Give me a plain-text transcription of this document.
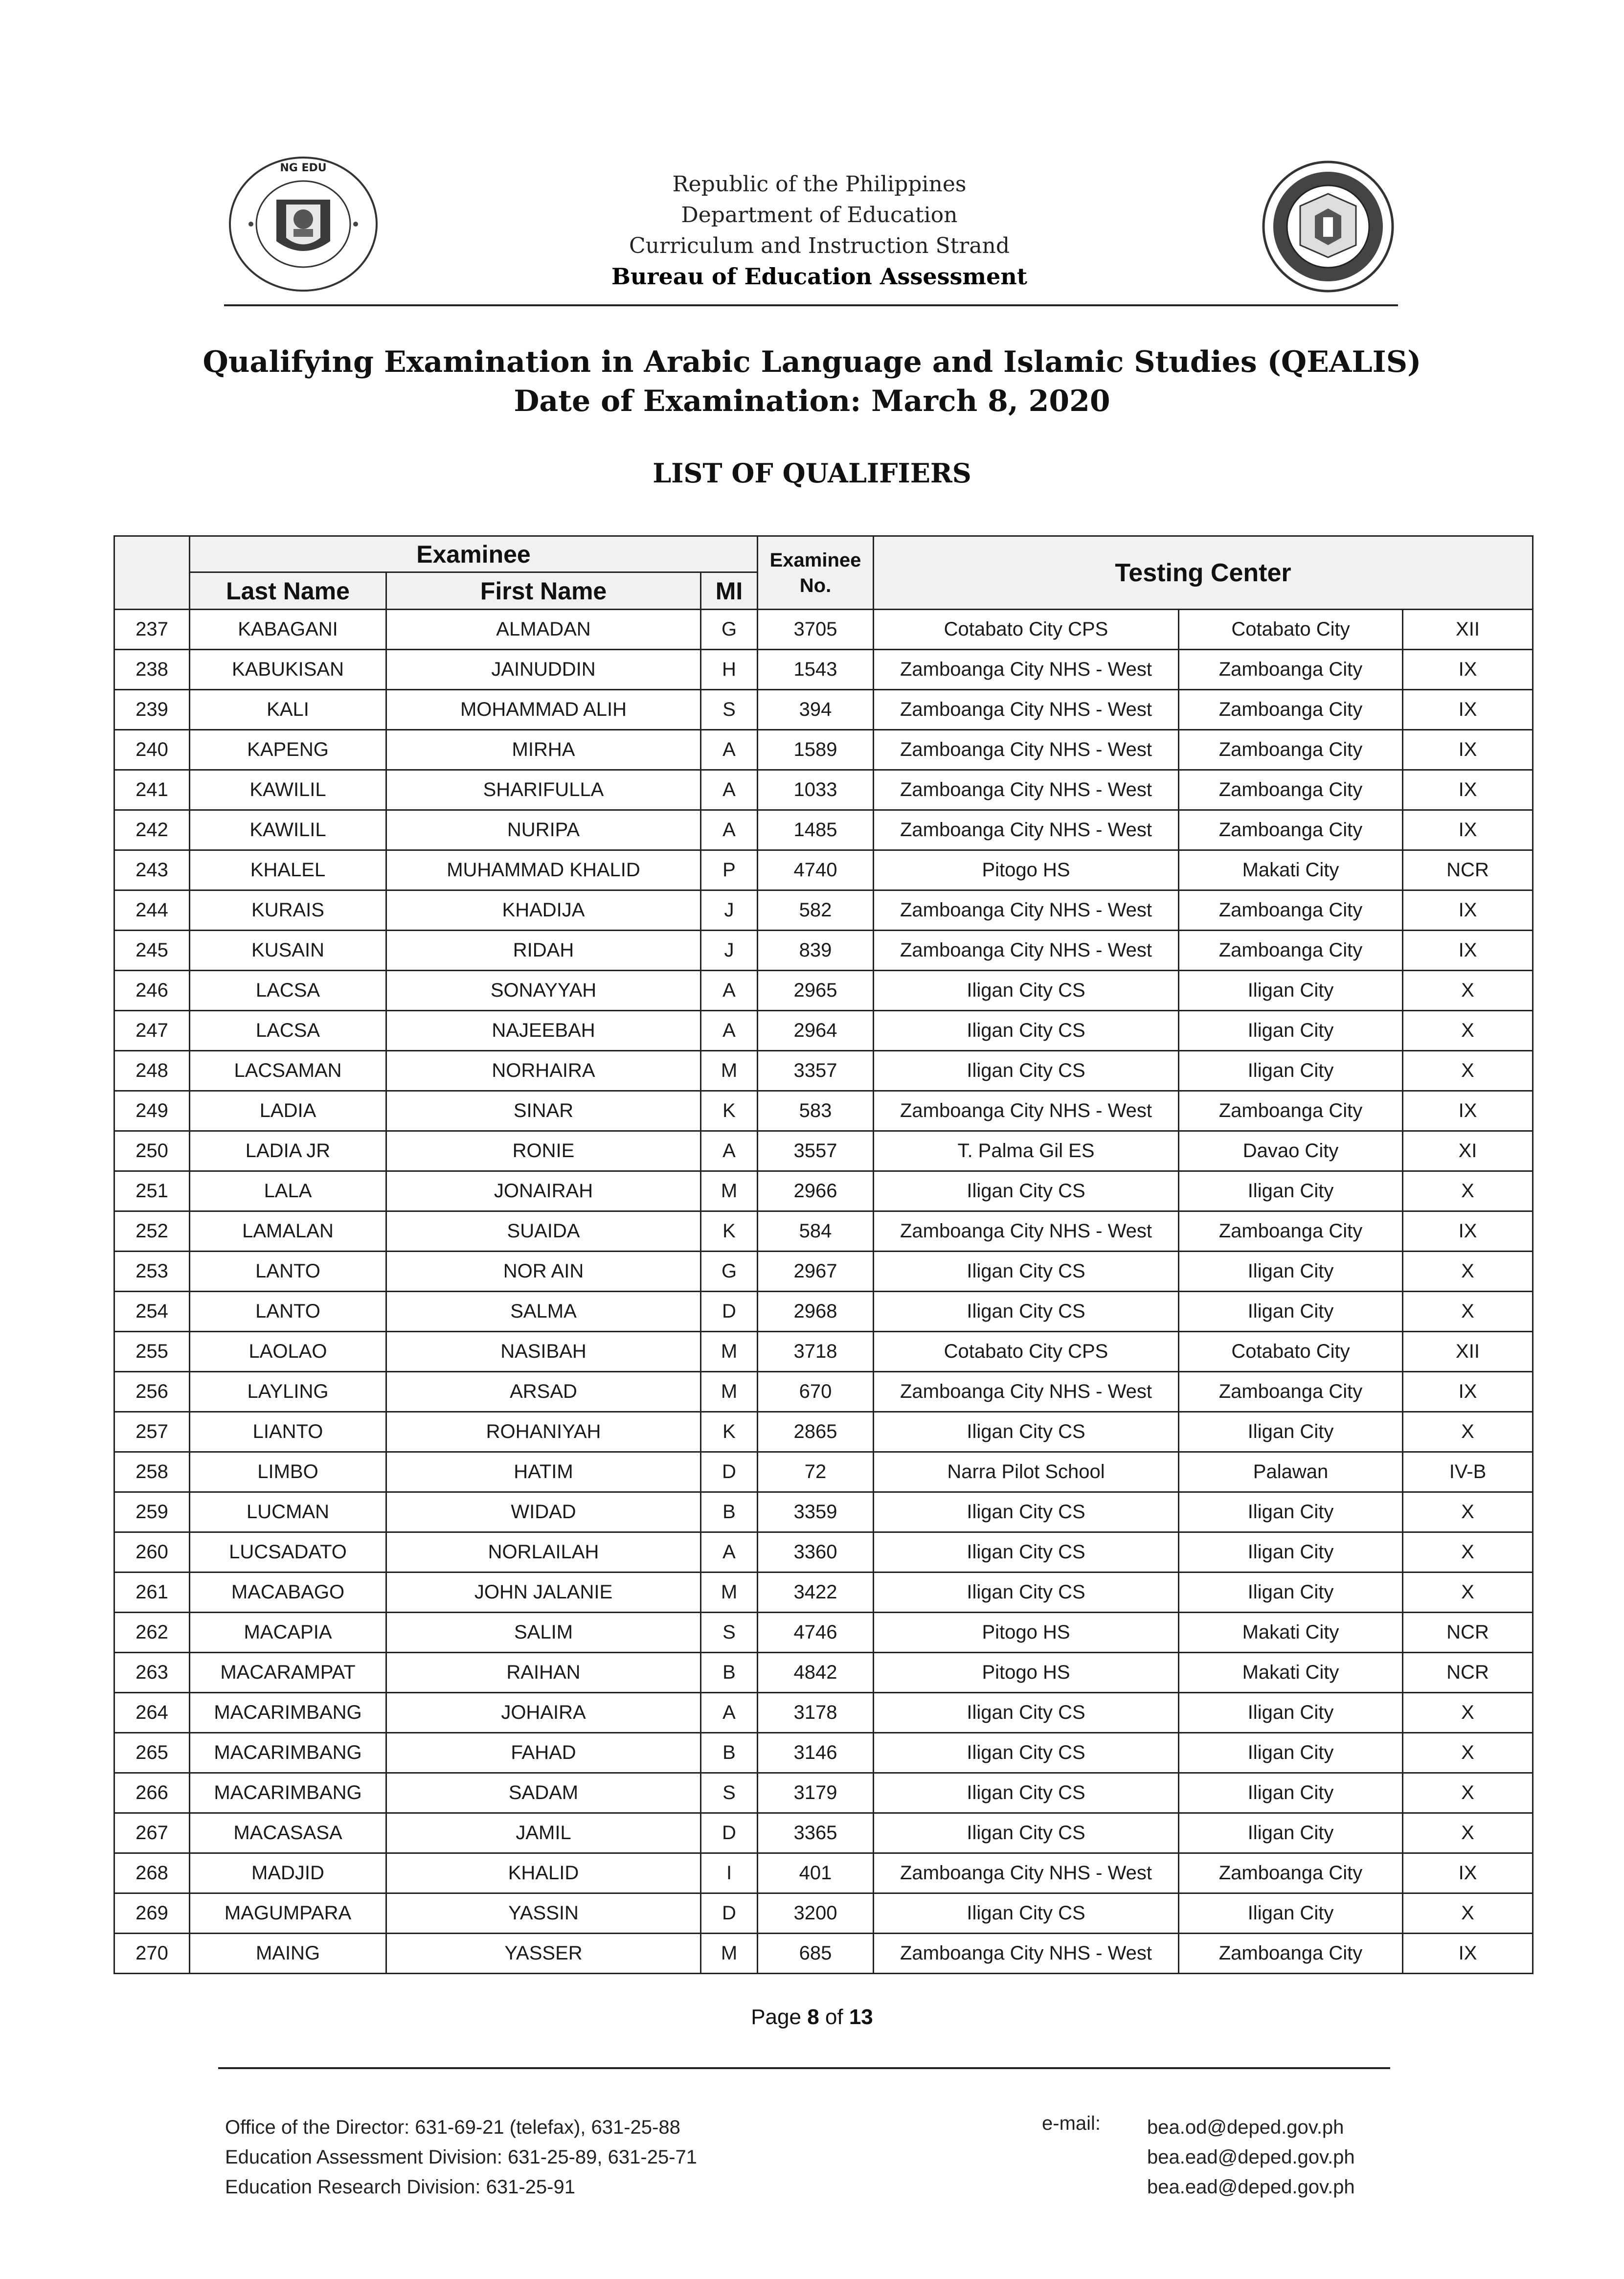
NG EDU
Republic of the Philippines
Department of Education
Curriculum and Instruction Strand
Bureau of Education Assessment
Qualifying Examination in Arabic Language and Islamic Studies (QEALIS)
Date of Examination: March 8, 2020
LIST OF QUALIFIERS
	Examinee			Examinee
No.	Testing Center		
	Last Name	First Name	MI				
237	KABAGANI	ALMADAN	G	3705	Cotabato City CPS	Cotabato City	XII
238	KABUKISAN	JAINUDDIN	H	1543	Zamboanga City NHS - West	Zamboanga City	IX
239	KALI	MOHAMMAD ALIH	S	394	Zamboanga City NHS - West	Zamboanga City	IX
240	KAPENG	MIRHA	A	1589	Zamboanga City NHS - West	Zamboanga City	IX
241	KAWILIL	SHARIFULLA	A	1033	Zamboanga City NHS - West	Zamboanga City	IX
242	KAWILIL	NURIPA	A	1485	Zamboanga City NHS - West	Zamboanga City	IX
243	KHALEL	MUHAMMAD KHALID	P	4740	Pitogo HS	Makati City	NCR
244	KURAIS	KHADIJA	J	582	Zamboanga City NHS - West	Zamboanga City	IX
245	KUSAIN	RIDAH	J	839	Zamboanga City NHS - West	Zamboanga City	IX
246	LACSA	SONAYYAH	A	2965	Iligan City CS	Iligan City	X
247	LACSA	NAJEEBAH	A	2964	Iligan City CS	Iligan City	X
248	LACSAMAN	NORHAIRA	M	3357	Iligan City CS	Iligan City	X
249	LADIA	SINAR	K	583	Zamboanga City NHS - West	Zamboanga City	IX
250	LADIA JR	RONIE	A	3557	T. Palma Gil ES	Davao City	XI
251	LALA	JONAIRAH	M	2966	Iligan City CS	Iligan City	X
252	LAMALAN	SUAIDA	K	584	Zamboanga City NHS - West	Zamboanga City	IX
253	LANTO	NOR AIN	G	2967	Iligan City CS	Iligan City	X
254	LANTO	SALMA	D	2968	Iligan City CS	Iligan City	X
255	LAOLAO	NASIBAH	M	3718	Cotabato City CPS	Cotabato City	XII
256	LAYLING	ARSAD	M	670	Zamboanga City NHS - West	Zamboanga City	IX
257	LIANTO	ROHANIYAH	K	2865	Iligan City CS	Iligan City	X
258	LIMBO	HATIM	D	72	Narra Pilot School	Palawan	IV-B
259	LUCMAN	WIDAD	B	3359	Iligan City CS	Iligan City	X
260	LUCSADATO	NORLAILAH	A	3360	Iligan City CS	Iligan City	X
261	MACABAGO	JOHN JALANIE	M	3422	Iligan City CS	Iligan City	X
262	MACAPIA	SALIM	S	4746	Pitogo HS	Makati City	NCR
263	MACARAMPAT	RAIHAN	B	4842	Pitogo HS	Makati City	NCR
264	MACARIMBANG	JOHAIRA	A	3178	Iligan City CS	Iligan City	X
265	MACARIMBANG	FAHAD	B	3146	Iligan City CS	Iligan City	X
266	MACARIMBANG	SADAM	S	3179	Iligan City CS	Iligan City	X
267	MACASASA	JAMIL	D	3365	Iligan City CS	Iligan City	X
268	MADJID	KHALID	I	401	Zamboanga City NHS - West	Zamboanga City	IX
269	MAGUMPARA	YASSIN	D	3200	Iligan City CS	Iligan City	X
270	MAING	YASSER	M	685	Zamboanga City NHS - West	Zamboanga City	IX
Page 8 of 13
Office of the Director: 631-69-21 (telefax), 631-25-88
Education Assessment Division: 631-25-89, 631-25-71
Education Research Division: 631-25-91
e-mail: bea.od@deped.gov.ph
bea.ead@deped.gov.ph
bea.ead@deped.gov.ph
